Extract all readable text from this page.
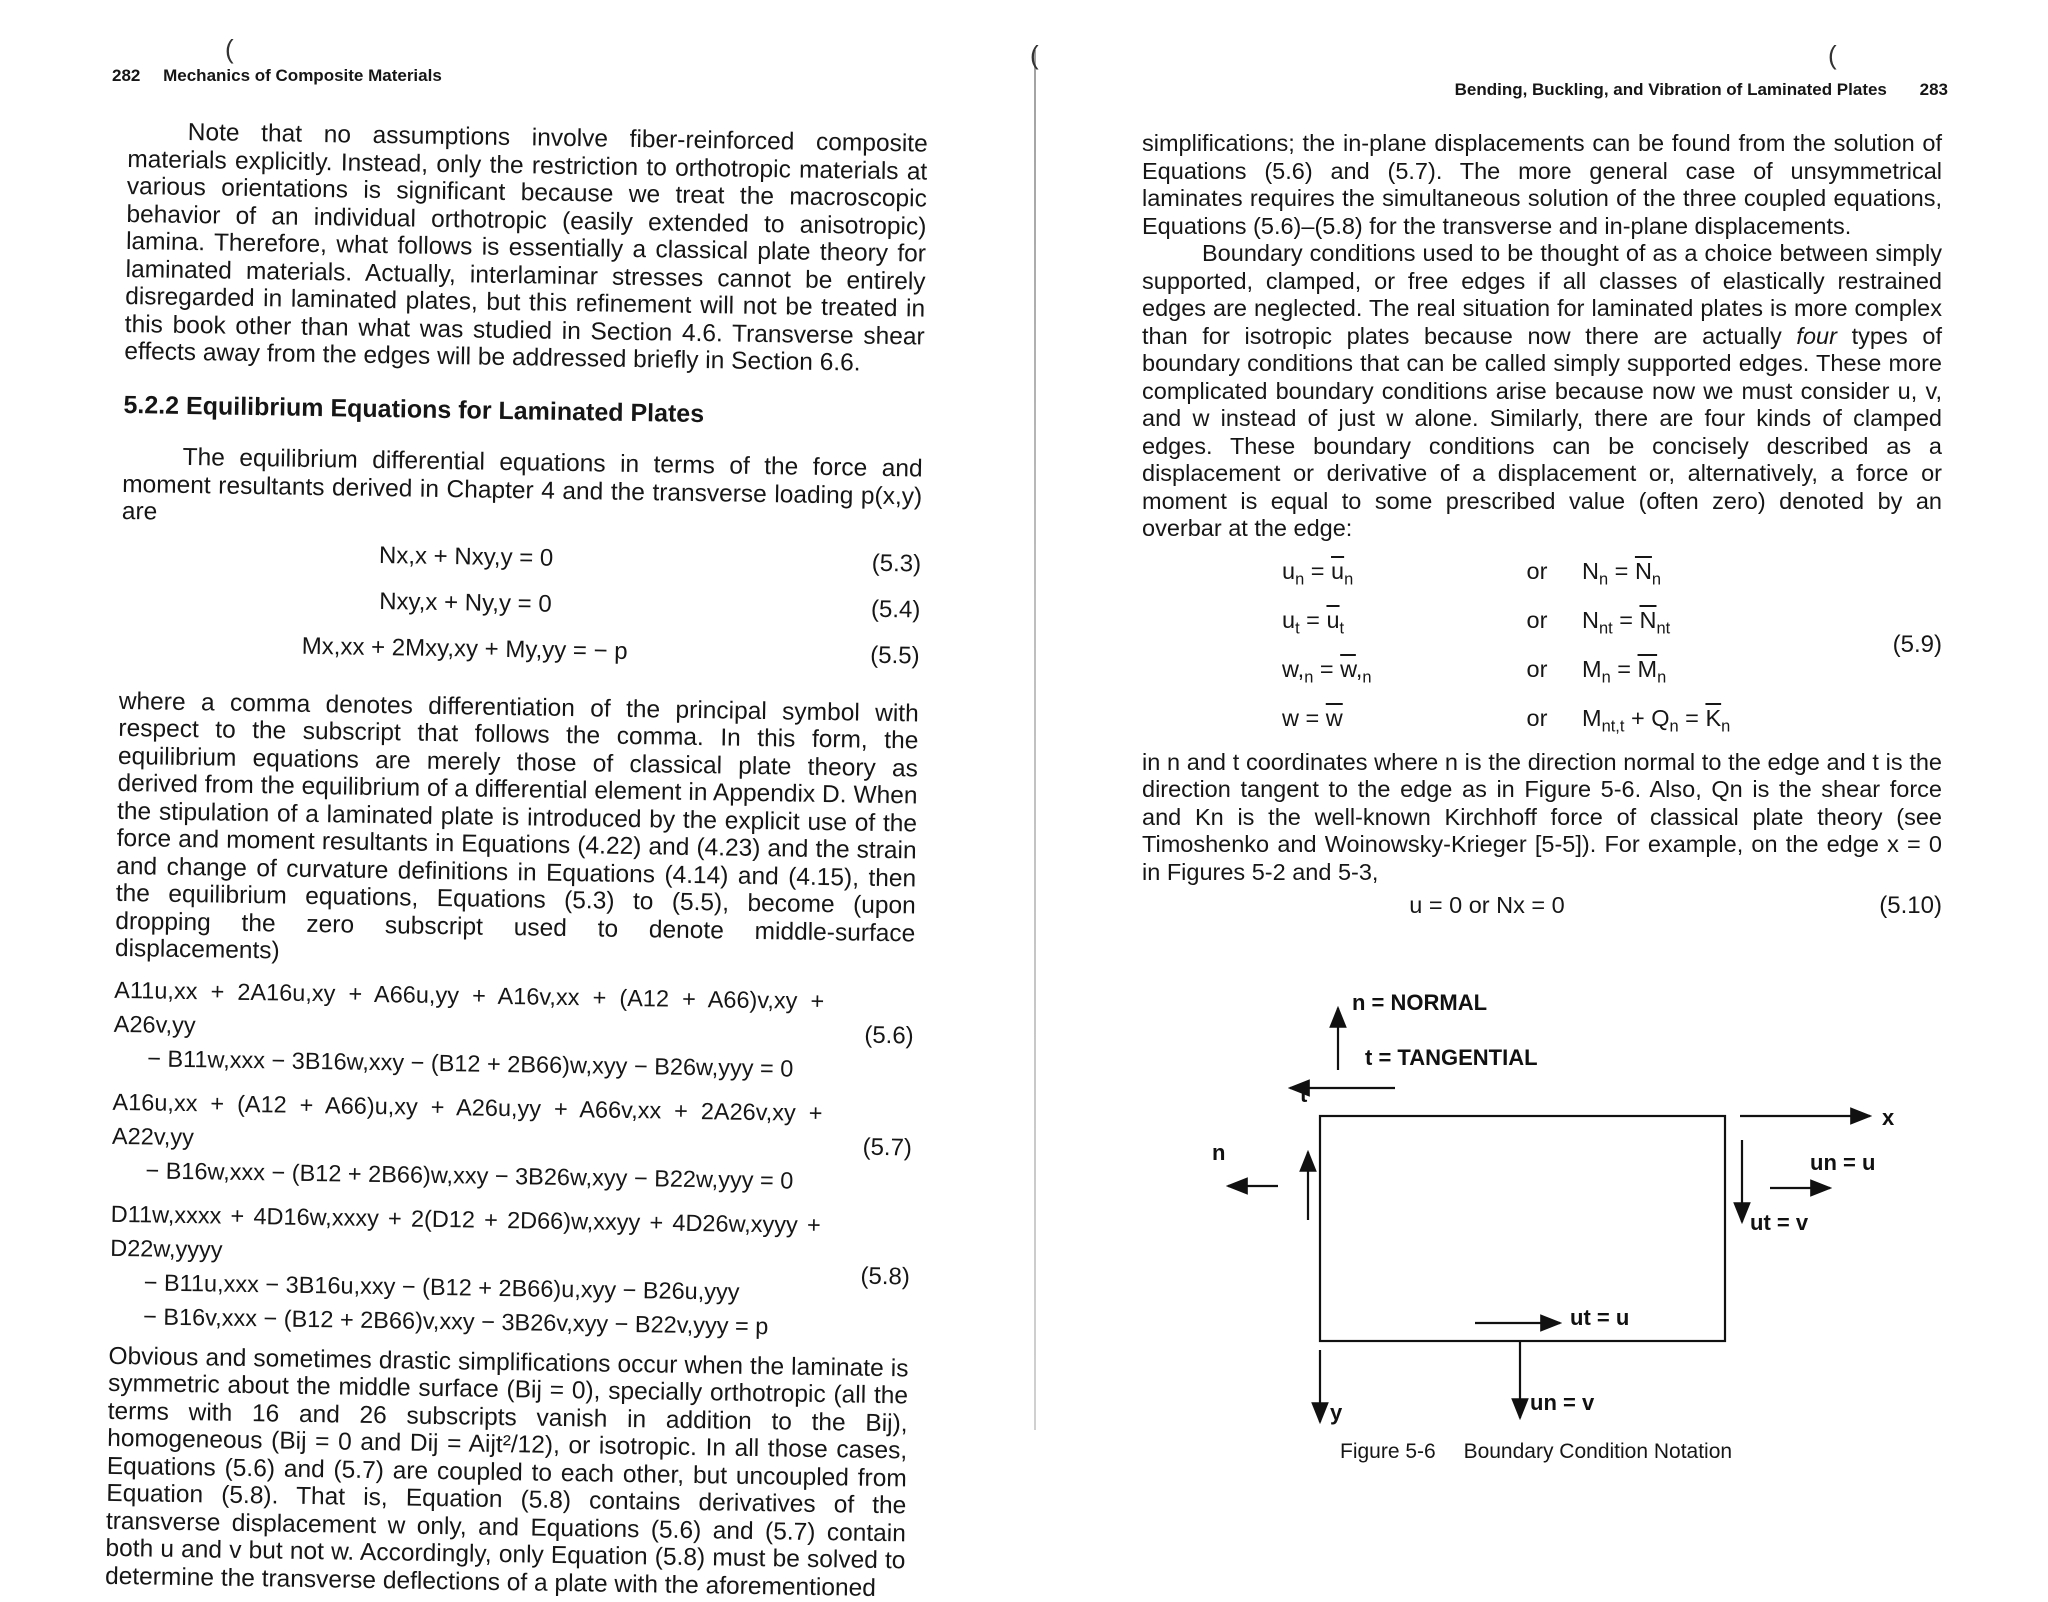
(
282 Mechanics of Composite Materials

Note that no assumptions involve fiber-reinforced composite materials explicitly. Instead, only the restriction to orthotropic materials at various orientations is significant because we treat the macroscopic behavior of an individual orthotropic (easily extended to anisotropic) lamina. Therefore, what follows is essentially a classical plate theory for laminated materials. Actually, interlaminar stresses cannot be entirely disregarded in laminated plates, but this refinement will not be treated in this book other than what was studied in Section 4.6. Transverse shear effects away from the edges will be addressed briefly in Section 6.6.

5.2.2 Equilibrium Equations for Laminated Plates

The equilibrium differential equations in terms of the force and moment resultants derived in Chapter 4 and the transverse loading p(x,y) are

Nx,x + Nxy,y = 0	(5.3)
Nxy,x + Ny,y = 0	(5.4)
Mx,xx + 2Mxy,xy + My,yy = − p	(5.5)

where a comma denotes differentiation of the principal symbol with respect to the subscript that follows the comma. In this form, the equilibrium equations are merely those of classical plate theory as derived from the equilibrium of a differential element in Appendix D. When the stipulation of a laminated plate is introduced by the explicit use of the force and moment resultants in Equations (4.22) and (4.23) and the strain and change of curvature definitions in Equations (4.14) and (4.15), then the equilibrium equations, Equations (5.3) to (5.5), become (upon dropping the zero subscript used to denote middle-surface displacements)

A11u,xx + 2A16u,xy + A66u,yy + A16v,xx + (A12 + A66)v,xy + A26v,yy
− B11w,xxx − 3B16w,xxy − (B12 + 2B66)w,xyy − B26w,yyy = 0
(5.6)
A16u,xx + (A12 + A66)u,xy + A26u,yy + A66v,xx + 2A26v,xy + A22v,yy
− B16w,xxx − (B12 + 2B66)w,xxy − 3B26w,xyy − B22w,yyy = 0
(5.7)
D11w,xxxx + 4D16w,xxxy + 2(D12 + 2D66)w,xxyy + 4D26w,xyyy + D22w,yyyy
− B11u,xxx − 3B16u,xxy − (B12 + 2B66)u,xyy − B26u,yyy
− B16v,xxx − (B12 + 2B66)v,xxy − 3B26v,xyy − B22v,yyy = p
(5.8)

Obvious and sometimes drastic simplifications occur when the laminate is symmetric about the middle surface (Bij = 0), specially orthotropic (all the terms with 16 and 26 subscripts vanish in addition to the Bij), homogeneous (Bij = 0 and Dij = Aijt²/12), or isotropic. In all those cases, Equations (5.6) and (5.7) are coupled to each other, but uncoupled from Equation (5.8). That is, Equation (5.8) contains derivatives of the transverse displacement w only, and Equations (5.6) and (5.7) contain both u and v but not w. Accordingly, only Equation (5.8) must be solved to determine the transverse deflections of a plate with the aforementioned

(	(
Bending, Buckling, and Vibration of Laminated Plates 283

simplifications; the in-plane displacements can be found from the solution of Equations (5.6) and (5.7). The more general case of unsymmetrical laminates requires the simultaneous solution of the three coupled equations, Equations (5.6)–(5.8) for the transverse and in-plane displacements.

Boundary conditions used to be thought of as a choice between simply supported, clamped, or free edges if all classes of elastically restrained edges are neglected. The real situation for laminated plates is more complex than for isotropic plates because now there are actually four types of boundary conditions that can be called simply supported edges. These more complicated boundary conditions arise because now we must consider u, v, and w instead of just w alone. Similarly, there are four kinds of clamped edges. These boundary conditions can be concisely described as a displacement or derivative of a displacement or, alternatively, a force or moment is equal to some prescribed value (often zero) denoted by an overbar at the edge:

$u_n = \overline{u}_n$	or	$N_n = \overline{N}_n$
$u_t = \overline{u}_t$	or	$N_{nt} = \overline{N}_{nt}$
$w,_n = \overline{w},_n$	or	$M_n = \overline{M}_n$
$w = \overline{w}$	or	$M_{nt,t} + Q_n = \overline{K}_n$
(5.9)

in n and t coordinates where n is the direction normal to the edge and t is the direction tangent to the edge as in Figure 5-6. Also, Qn is the shear force and Kn is the well-known Kirchhoff force of classical plate theory (see Timoshenko and Woinowsky-Krieger [5-5]). For example, on the edge x = 0 in Figures 5-2 and 5-3,

u = 0 or Nx = 0	(5.10)
n = NORMAL
t = TANGENTIAL
x
t
n	un = u
ut = v
ut = u
un = v
y
Figure 5-6 Boundary Condition Notation
